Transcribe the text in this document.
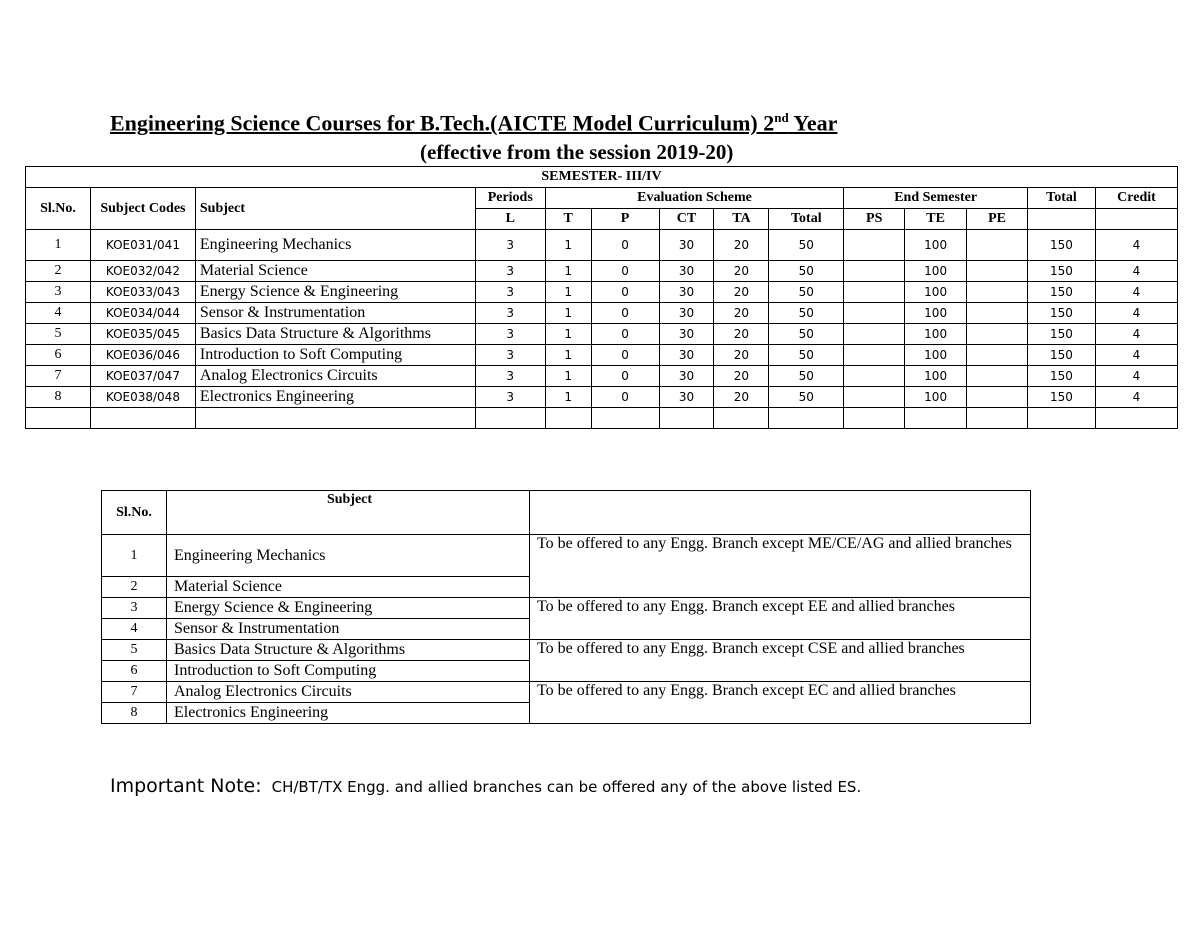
Engineering Science Courses for B.Tech.(AICTE Model Curriculum) 2nd Year
(effective from the session 2019-20)
SEMESTER- III/IV													
Sl.No.	Subject Codes	Subject	Periods	Evaluation Scheme					End Semester			Total	Credit
			L	T	P	CT	TA	Total	PS	TE	PE		
1	KOE031/041	Engineering Mechanics	3	1	0	30	20	50		100		150	4
2	KOE032/042	Material Science	3	1	0	30	20	50		100		150	4
3	KOE033/043	Energy Science & Engineering	3	1	0	30	20	50		100		150	4
4	KOE034/044	Sensor & Instrumentation	3	1	0	30	20	50		100		150	4
5	KOE035/045	Basics Data Structure & Algorithms	3	1	0	30	20	50		100		150	4
6	KOE036/046	Introduction to Soft Computing	3	1	0	30	20	50		100		150	4
7	KOE037/047	Analog Electronics Circuits	3	1	0	30	20	50		100		150	4
8	KOE038/048	Electronics Engineering	3	1	0	30	20	50		100		150	4

Sl.No.	Subject	
1	Engineering Mechanics	To be offered to any Engg. Branch except ME/CE/AG and allied branches
2	Material Science	
3	Energy Science & Engineering	To be offered to any Engg. Branch except EE and allied branches
4	Sensor & Instrumentation	
5	Basics Data Structure & Algorithms	To be offered to any Engg. Branch except CSE and allied branches
6	Introduction to Soft Computing	
7	Analog Electronics Circuits	To be offered to any Engg. Branch except EC and allied branches
8	Electronics Engineering	
Important Note: CH/BT/TX Engg. and allied branches can be offered any of the above listed ES.
